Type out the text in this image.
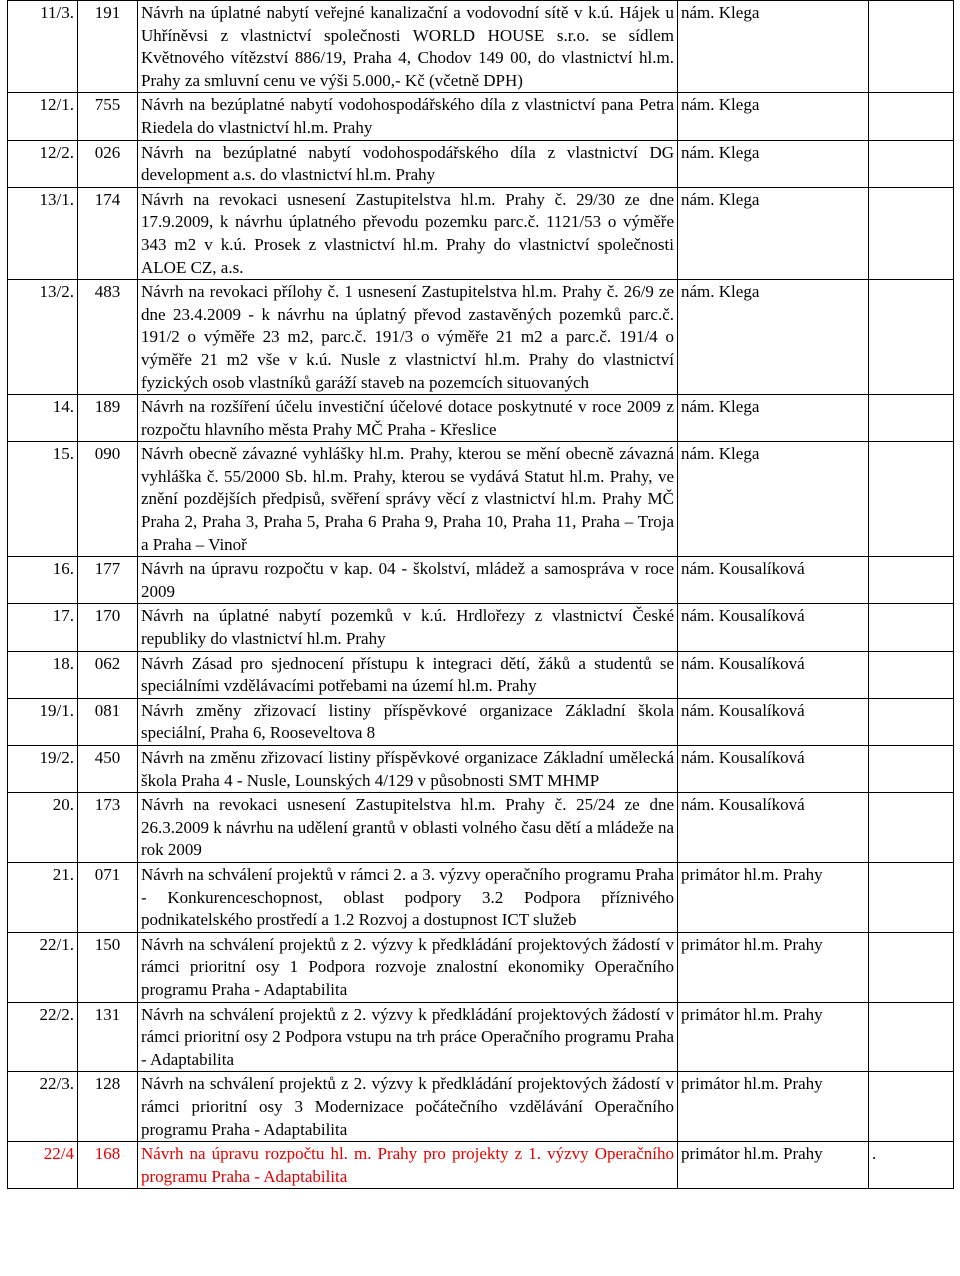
11/3.	191	Návrh na úplatné nabytí veřejné kanalizační a vodovodní sítě v k.ú. Hájek u Uhříněvsi z vlastnictví společnosti WORLD HOUSE s.r.o. se sídlem Květnového vítězství 886/19, Praha 4, Chodov 149 00, do vlastnictví hl.m. Prahy za smluvní cenu ve výši 5.000,- Kč (včetně DPH)	nám. Klega	
12/1.	755	Návrh na bezúplatné nabytí vodohospodářského díla z vlastnictví pana Petra Riedela do vlastnictví hl.m. Prahy	nám. Klega	
12/2.	026	Návrh na bezúplatné nabytí vodohospodářského díla z vlastnictví DG development a.s. do vlastnictví hl.m. Prahy	nám. Klega	
13/1.	174	Návrh na revokaci usnesení Zastupitelstva hl.m. Prahy č. 29/30 ze dne 17.9.2009, k návrhu úplatného převodu pozemku parc.č. 1121/53 o výměře 343 m2 v k.ú. Prosek z vlastnictví hl.m. Prahy do vlastnictví společnosti ALOE CZ, a.s.	nám. Klega	
13/2.	483	Návrh na revokaci přílohy č. 1 usnesení Zastupitelstva hl.m. Prahy č. 26/9 ze dne 23.4.2009 - k návrhu na úplatný převod zastavěných pozemků parc.č. 191/2 o výměře 23 m2, parc.č. 191/3 o výměře 21 m2 a parc.č. 191/4 o výměře 21 m2 vše v k.ú. Nusle z vlastnictví hl.m. Prahy do vlastnictví fyzických osob vlastníků garáží staveb na pozemcích situovaných	nám. Klega	
14.	189	Návrh na rozšíření účelu investiční účelové dotace poskytnuté v roce 2009 z rozpočtu hlavního města Prahy MČ Praha - Křeslice	nám. Klega	
15.	090	Návrh obecně závazné vyhlášky hl.m. Prahy, kterou se mění obecně závazná vyhláška č. 55/2000 Sb. hl.m. Prahy, kterou se vydává Statut hl.m. Prahy, ve znění pozdějších předpisů, svěření správy věcí z vlastnictví hl.m. Prahy MČ Praha 2, Praha 3, Praha 5, Praha 6 Praha 9, Praha 10, Praha 11, Praha – Troja a Praha – Vinoř	nám. Klega	
16.	177	Návrh na úpravu rozpočtu v kap. 04 - školství, mládež a samospráva v roce 2009	nám. Kousalíková	
17.	170	Návrh na úplatné nabytí pozemků v k.ú. Hrdlořezy z vlastnictví České republiky do vlastnictví hl.m. Prahy	nám. Kousalíková	
18.	062	Návrh Zásad pro sjednocení přístupu k integraci dětí, žáků a studentů se speciálními vzdělávacími potřebami na území hl.m. Prahy	nám. Kousalíková	
19/1.	081	Návrh změny zřizovací listiny příspěvkové organizace Základní škola speciální, Praha 6, Rooseveltova 8	nám. Kousalíková	
19/2.	450	Návrh na změnu zřizovací listiny příspěvkové organizace Základní umělecká škola Praha 4 - Nusle, Lounských 4/129 v působnosti SMT MHMP	nám. Kousalíková	
20.	173	Návrh na revokaci usnesení Zastupitelstva hl.m. Prahy č. 25/24 ze dne 26.3.2009 k návrhu na udělení grantů v oblasti volného času dětí a mládeže na rok 2009	nám. Kousalíková	
21.	071	Návrh na schválení projektů v rámci 2. a 3. výzvy operačního programu Praha - Konkurenceschopnost, oblast podpory 3.2 Podpora příznivého podnikatelského prostředí a 1.2 Rozvoj a dostupnost ICT služeb	primátor hl.m. Prahy	
22/1.	150	Návrh na schválení projektů z 2. výzvy k předkládání projektových žádostí v rámci prioritní osy 1 Podpora rozvoje znalostní ekonomiky Operačního programu Praha - Adaptabilita	primátor hl.m. Prahy	
22/2.	131	Návrh na schválení projektů z 2. výzvy k předkládání projektových žádostí v rámci prioritní osy 2 Podpora vstupu na trh práce Operačního programu Praha - Adaptabilita	primátor hl.m. Prahy	
22/3.	128	Návrh na schválení projektů z 2. výzvy k předkládání projektových žádostí v rámci prioritní osy 3 Modernizace počátečního vzdělávání Operačního programu Praha - Adaptabilita	primátor hl.m. Prahy	
22/4	168	Návrh na úpravu rozpočtu hl. m. Prahy pro projekty z 1. výzvy Operačního programu Praha - Adaptabilita	primátor hl.m. Prahy	.
